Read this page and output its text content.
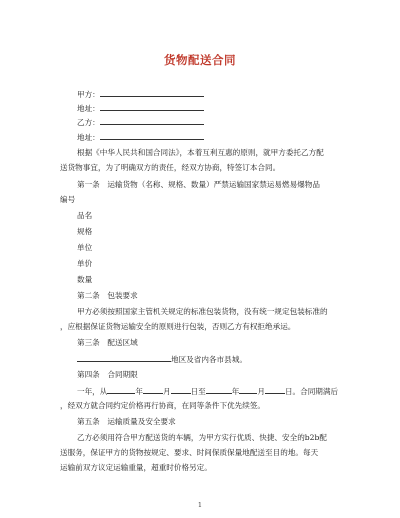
货物配送合同
甲方：
地址：
乙方：
地址：
根据《中华人民共和国合同法》，本着互利互惠的原则，就甲方委托乙方配
送货物事宜，为了明确双方的责任，经双方协商，特签订本合同。
第一条　运输货物（名称、规格、数量）严禁运输国家禁运易燃易爆物品
编号
品名
规格
单位
单价
数量
第二条　包装要求
甲方必须按照国家主管机关规定的标准包装货物，没有统一规定包装标准的
，应根据保证货物运输安全的原则进行包装，否则乙方有权拒绝承运。
第三条　配送区域
地区及省内各市县城。
第四条　合同期限
一年，从	年	月	日至	年 月	日。合同期满后
，经双方就合同约定价格再行协商，在同等条件下优先续签。
第五条　运输质量及安全要求
乙方必须用符合甲方配送货的车辆，为甲方实行优质、快捷、安全的b2b配
送服务，保证甲方的货物按规定、要求、时间保质保量地配送至目的地。每天
运输前双方议定运输重量，超重时价格另定。
1
